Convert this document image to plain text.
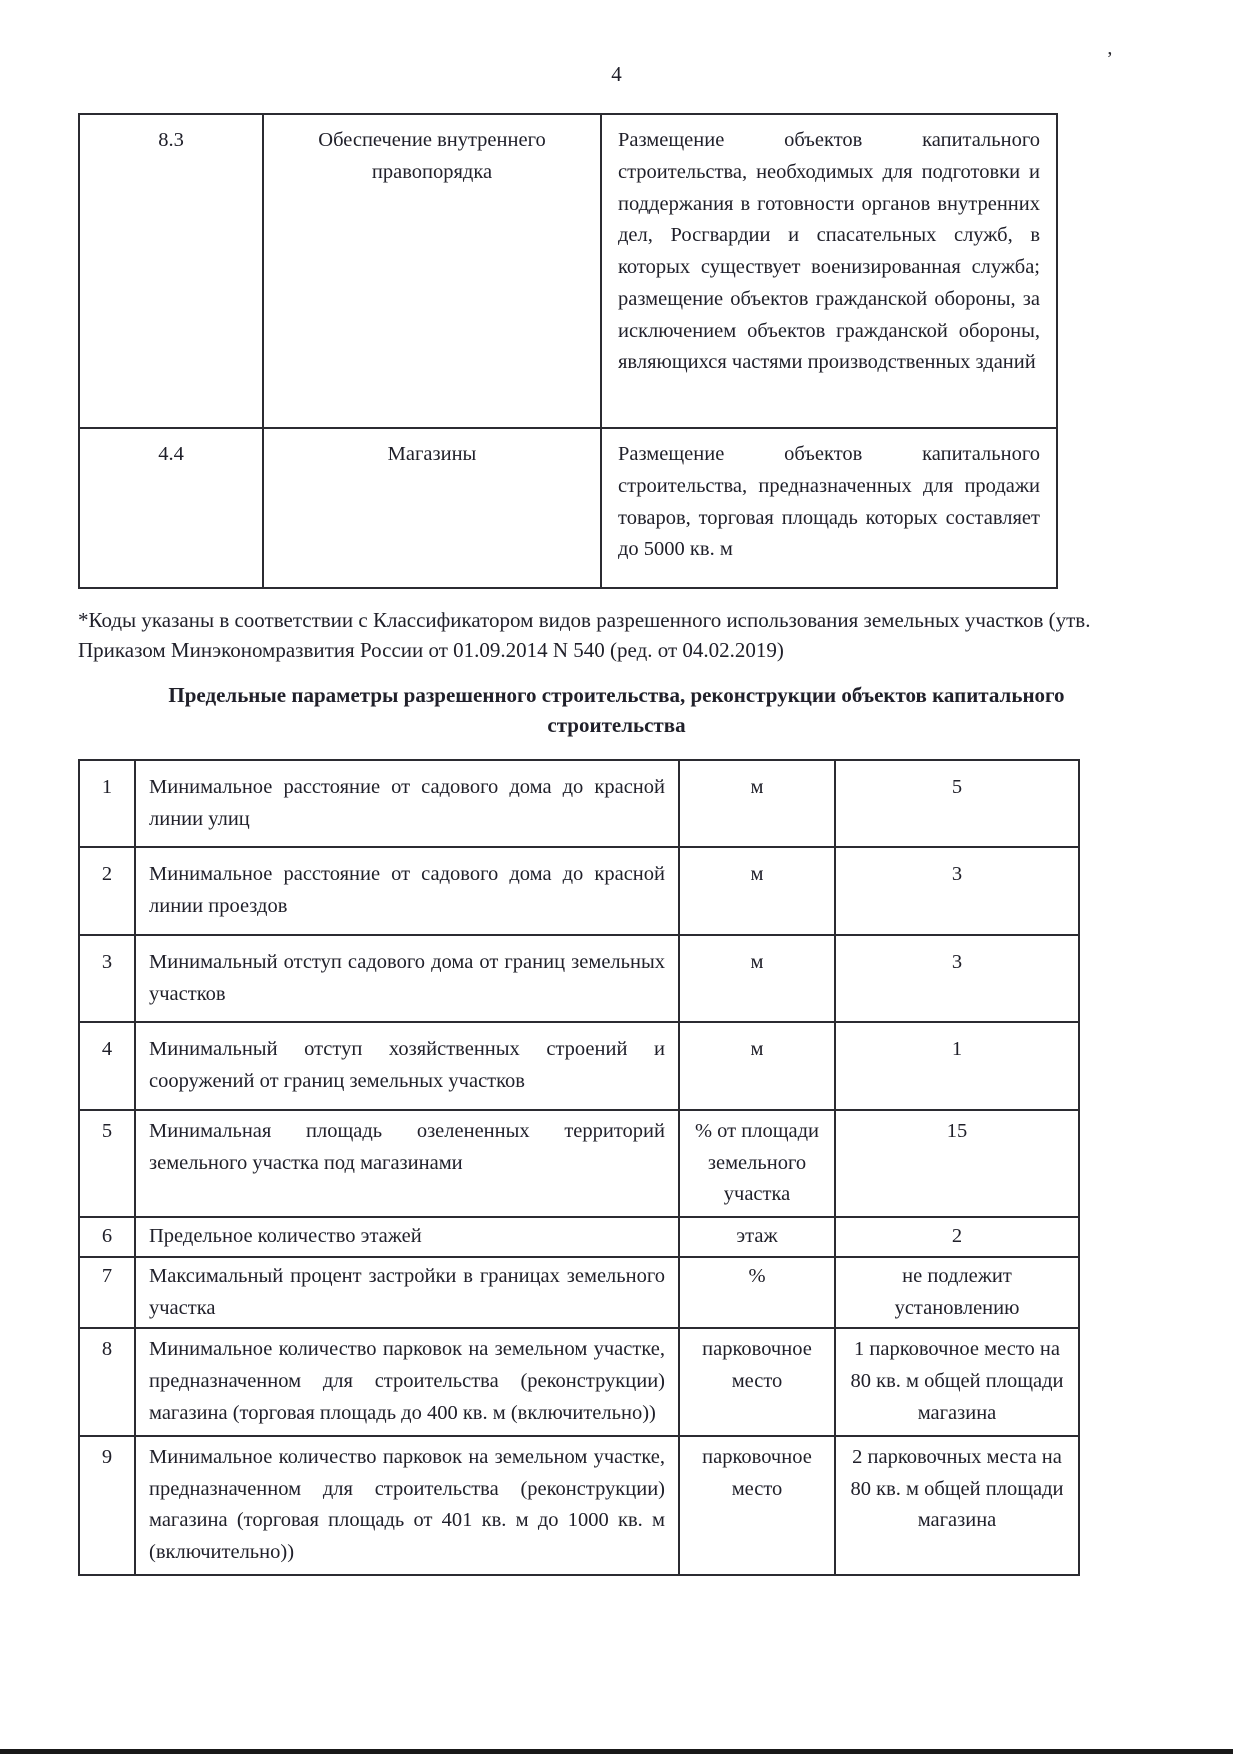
4
’
8.3	Обеспечение внутреннего правопорядка	Размещение объектов капитального строительства, необходимых для подготовки и поддержания в готовности органов внутренних дел, Росгвардии и спасательных служб, в которых существует военизированная служба; размещение объектов гражданской обороны, за исключением объектов гражданской обороны, являющихся частями производственных зданий
4.4	Магазины	Размещение объектов капитального строительства, предназначенных для продажи товаров, торговая площадь которых составляет до 5000 кв. м
*Коды указаны в соответствии с Классификатором видов разрешенного использования земельных участков (утв. Приказом Минэкономразвития России от 01.09.2014 N 540 (ред. от 04.02.2019)
Предельные параметры разрешенного строительства, реконструкции объектов капитального строительства
1	Минимальное расстояние от садового дома до красной линии улиц	м	5
2	Минимальное расстояние от садового дома до красной линии проездов	м	3
3	Минимальный отступ садового дома от границ земельных участков	м	3
4	Минимальный отступ хозяйственных строений и сооружений от границ земельных участков	м	1
5	Минимальная площадь озелененных территорий земельного участка под магазинами	% от площади земельного участка	15
6	Предельное количество этажей	этаж	2
7	Максимальный процент застройки в границах земельного участка	%	не подлежит установлению
8	Минимальное количество парковок на земельном участке, предназначенном для строительства (реконструкции) магазина (торговая площадь до 400 кв. м (включительно))	парковочное место	1 парковочное место на 80 кв. м общей площади магазина
9	Минимальное количество парковок на земельном участке, предназначенном для строительства (реконструкции) магазина (торговая площадь от 401 кв. м до 1000 кв. м (включительно))	парковочное место	2 парковочных места на 80 кв. м общей площади магазина
